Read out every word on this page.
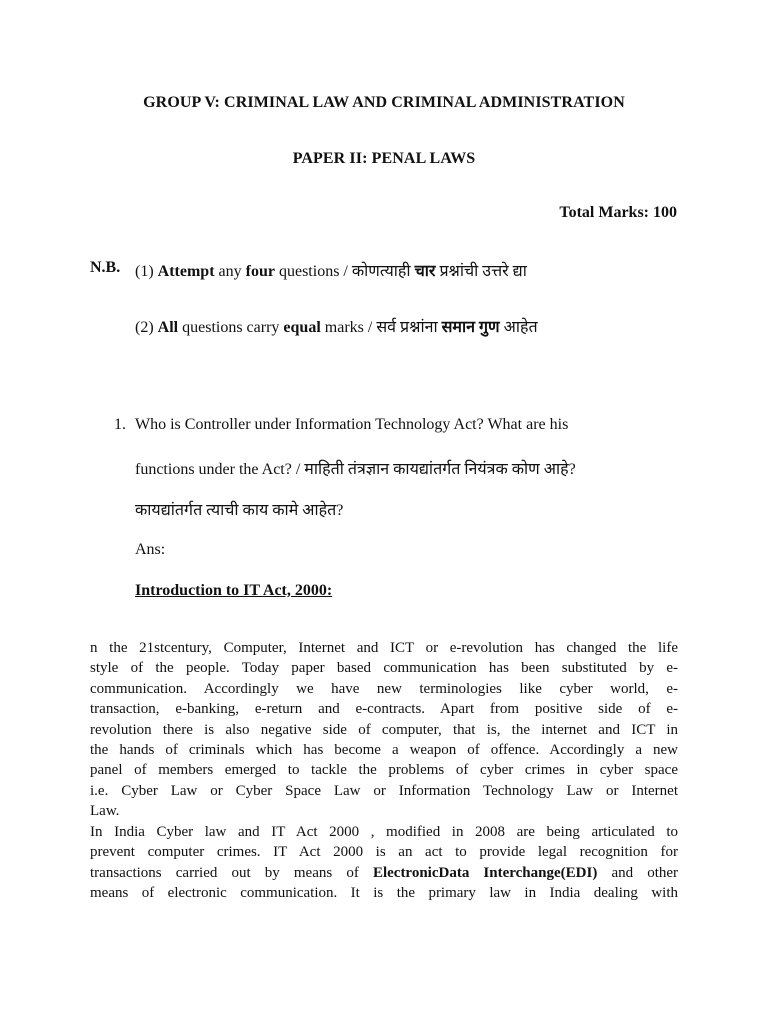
GROUP V: CRIMINAL LAW AND CRIMINAL ADMINISTRATION
PAPER II: PENAL LAWS
Total Marks: 100
N.B. (1) Attempt any four questions / कोणत्याही चार प्रश्नांची उत्तरे द्या
(2) All questions carry equal marks / सर्व प्रश्नांना समान गुण आहेत
1. Who is Controller under Information Technology Act? What are his
functions under the Act? / माहिती तंत्रज्ञान कायद्यांतर्गत नियंत्रक कोण आहे?
कायद्यांतर्गत त्याची काय कामे आहेत?
Ans:
Introduction to IT Act, 2000:
n the 21stcentury, Computer, Internet and ICT or e-revolution has changed the life
style of the people. Today paper based communication has been substituted by e-
communication. Accordingly we have new terminologies like cyber world, e-
transaction, e-banking, e-return and e-contracts. Apart from positive side of e-
revolution there is also negative side of computer, that is, the internet and ICT in
the hands of criminals which has become a weapon of offence. Accordingly a new
panel of members emerged to tackle the problems of cyber crimes in cyber space
i.e. Cyber Law or Cyber Space Law or Information Technology Law or Internet
Law.
In India Cyber law and IT Act 2000 , modified in 2008 are being articulated to
prevent computer crimes. IT Act 2000 is an act to provide legal recognition for
transactions carried out by means of ElectronicData Interchange(EDI) and other
means of electronic communication. It is the primary law in India dealing with
